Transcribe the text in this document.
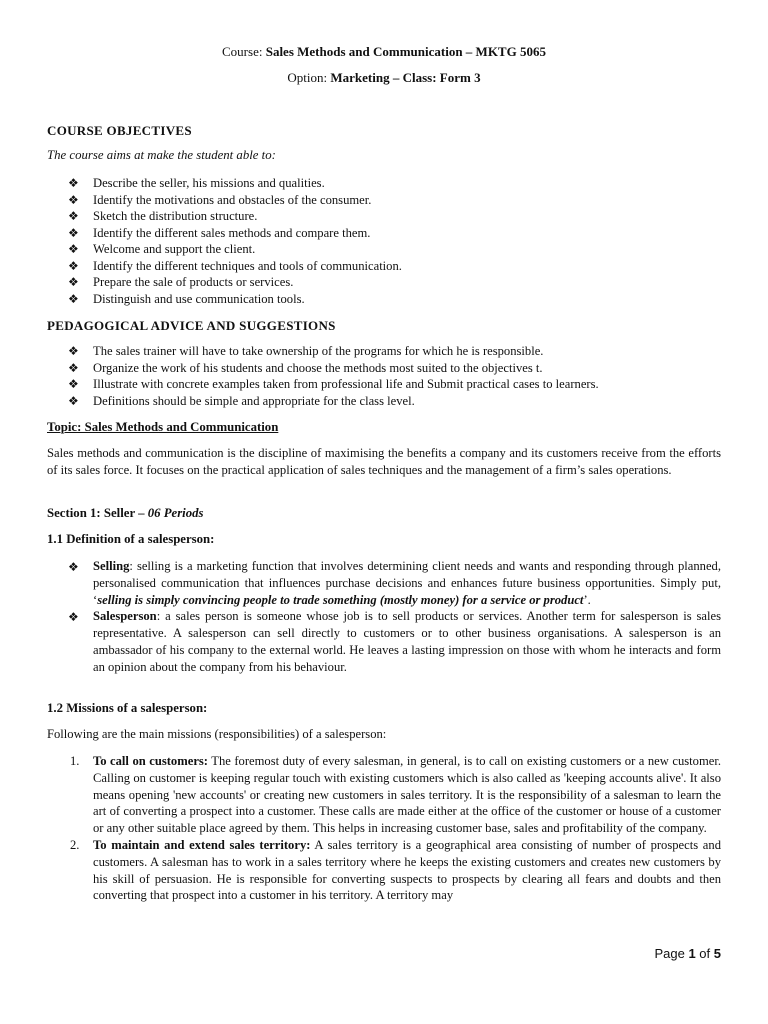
Course: Sales Methods and Communication – MKTG 5065
Option: Marketing – Class: Form 3
COURSE OBJECTIVES
The course aims at make the student able to:
❖ Describe the seller, his missions and qualities.
❖ Identify the motivations and obstacles of the consumer.
❖ Sketch the distribution structure.
❖ Identify the different sales methods and compare them.
❖ Welcome and support the client.
❖ Identify the different techniques and tools of communication.
❖ Prepare the sale of products or services.
❖ Distinguish and use communication tools.
PEDAGOGICAL ADVICE AND SUGGESTIONS
❖ The sales trainer will have to take ownership of the programs for which he is responsible.
❖ Organize the work of his students and choose the methods most suited to the objectives t.
❖ Illustrate with concrete examples taken from professional life and Submit practical cases to learners.
❖ Definitions should be simple and appropriate for the class level.
Topic: Sales Methods and Communication
Sales methods and communication is the discipline of maximising the benefits a company and its customers receive from the efforts of its sales force. It focuses on the practical application of sales techniques and the management of a firm’s sales operations.
Section 1: Seller – 06 Periods
1.1 Definition of a salesperson:
❖ Selling: selling is a marketing function that involves determining client needs and wants and responding through planned, personalised communication that influences purchase decisions and enhances future business opportunities. Simply put, ‘selling is simply convincing people to trade something (mostly money) for a service or product’.
❖ Salesperson: a sales person is someone whose job is to sell products or services. Another term for salesperson is sales representative. A salesperson can sell directly to customers or to other business organisations. A salesperson is an ambassador of his company to the external world. He leaves a lasting impression on those with whom he interacts and form an opinion about the company from his behaviour.
1.2 Missions of a salesperson:
Following are the main missions (responsibilities) of a salesperson:
1. To call on customers: The foremost duty of every salesman, in general, is to call on existing customers or a new customer. Calling on customer is keeping regular touch with existing customers which is also called as 'keeping accounts alive'. It also means opening 'new accounts' or creating new customers in sales territory. It is the responsibility of a salesman to learn the art of converting a prospect into a customer. These calls are made either at the office of the customer or house of a customer or any other suitable place agreed by them. This helps in increasing customer base, sales and profitability of the company.
2. To maintain and extend sales territory: A sales territory is a geographical area consisting of number of prospects and customers. A salesman has to work in a sales territory where he keeps the existing customers and creates new customers by his skill of persuasion. He is responsible for converting suspects to prospects by clearing all fears and doubts and then converting that prospect into a customer in his territory. A territory may
Page 1 of 5
